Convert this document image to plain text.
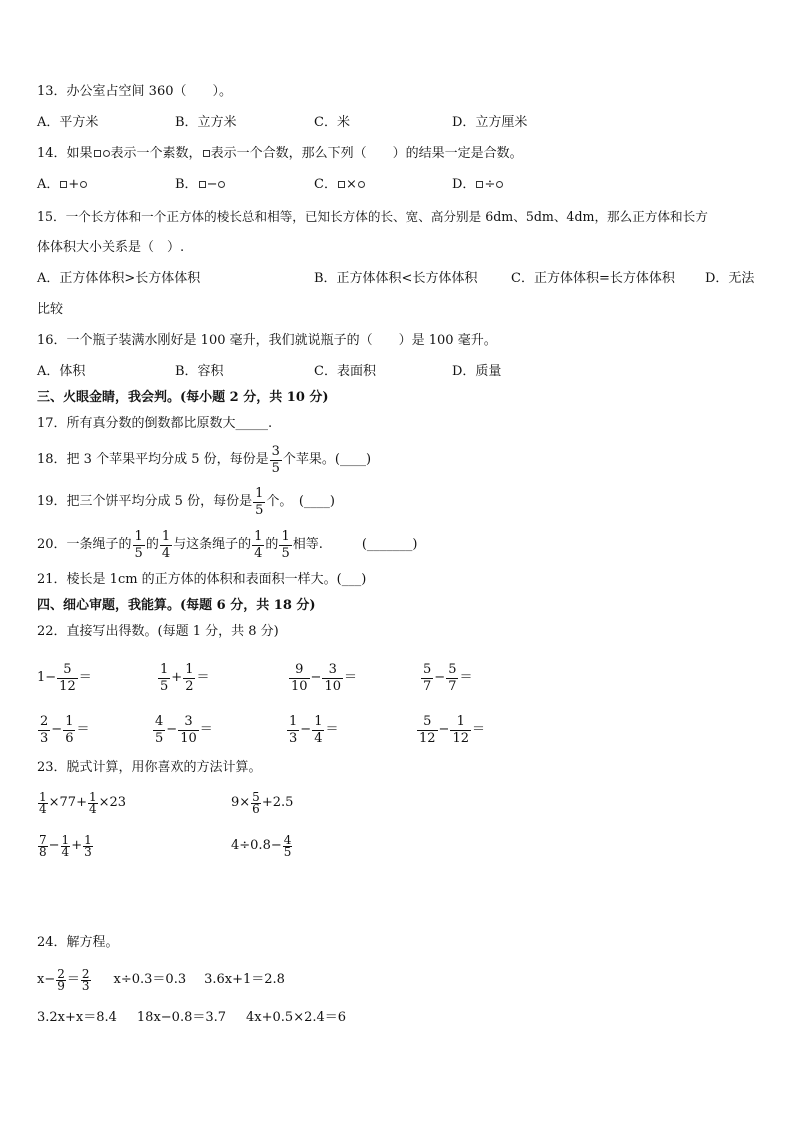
13．办公室占空间 360（　　）。
A．平方米	B．立方米	C．米	D．立方厘米
14．如果 表示一个素数， 表示一个合数，那么下列（　　）的结果一定是合数。
A． +	B． −	C． ×	D． ÷
15．一个长方体和一个正方体的棱长总和相等，已知长方体的长、宽、高分别是 6dm、5dm、4dm，那么正方体和长方
体体积大小关系是（　）.
A．正方体体积>长方体体积	B．正方体体积<长方体体积	C．正方体体积=长方体体积 D．无法
比较
16．一个瓶子装满水刚好是 100 毫升，我们就说瓶子的（　　）是 100 毫升。
A．体积	B．容积	C．表面积	D．质量
三、火眼金睛，我会判。(每小题 2 分，共 10 分)
17．所有真分数的倒数都比原数大_____.
18．把 3 个苹果平均分成 5 份，每份是 $\frac{3}{5}$ 个苹果。(____)
19．把三个饼平均分成 5 份，每份是 $\frac{1}{5}$ 个。　(____)
20．一条绳子的 $\frac{1}{5}$ 的 $\frac{1}{4}$ 与这条绳子的 $\frac{1}{4}$ 的 $\frac{1}{5}$ 相等.　　　(_______)
21．棱长是 1cm 的正方体的体积和表面积一样大。(___)
四、细心审题，我能算。(每题 6 分，共 18 分)
22．直接写出得数。(每题 1 分，共 8 分)
$1- \frac{5}{12}$ ＝	$\frac{1}{5} + \frac{1}{2}$ ＝	$\frac{9}{10} - \frac{3}{10}$ ＝	$\frac{5}{7} - \frac{5}{7}$ ＝
$\frac{2}{3} - \frac{1}{6}$ ＝	$\frac{4}{5} - \frac{3}{10}$ ＝	$\frac{1}{3} - \frac{1}{4}$ ＝	$\frac{5}{12} - \frac{1}{12}$ ＝
23．脱式计算，用你喜欢的方法计算。
$\frac{1}{4} \times 77+ \frac{1}{4} \times 23$	$9\times \frac{5}{6} +2.5$
$\frac{7}{8} - \frac{1}{4} + \frac{1}{3}$	$4\div 0.8- \frac{4}{5}$
24．解方程。
$x- \frac{2}{9} = \frac{2}{3} x\div 0.3=0.3$ 3.6x+1＝2.8
3.2x+x＝8.4 18x−0.8＝3.7 4x+0.5×2.4＝6
